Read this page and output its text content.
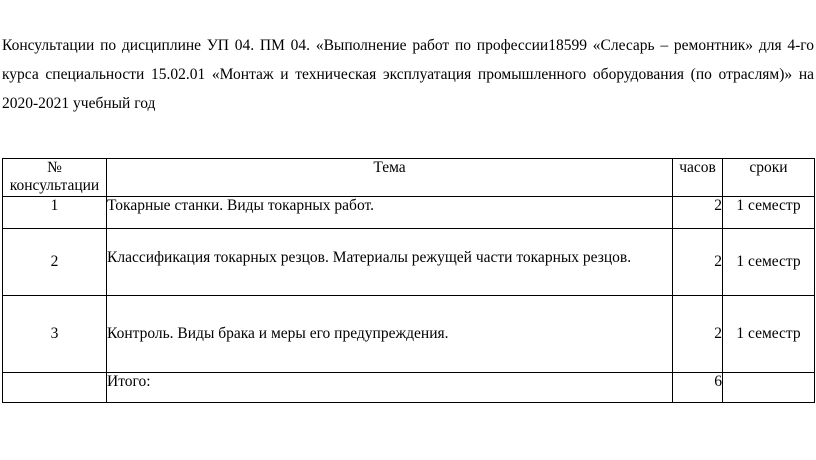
Консультации по дисциплине УП 04. ПМ 04. «Выполнение работ по профессии18599 «Слесарь – ремонтник» для 4-го курса специальности 15.02.01 «Монтаж и техническая эксплуатация промышленного оборудования (по отраслям)» на 2020-2021 учебный год
№
консультации	Тема	часов	сроки
1	Токарные станки. Виды токарных работ.	2	1 семестр
2	Классификация токарных резцов. Материалы режущей части токарных резцов.	2	1 семестр
3	Контроль. Виды брака и меры его предупреждения.	2	1 семестр
	Итого:	6	
